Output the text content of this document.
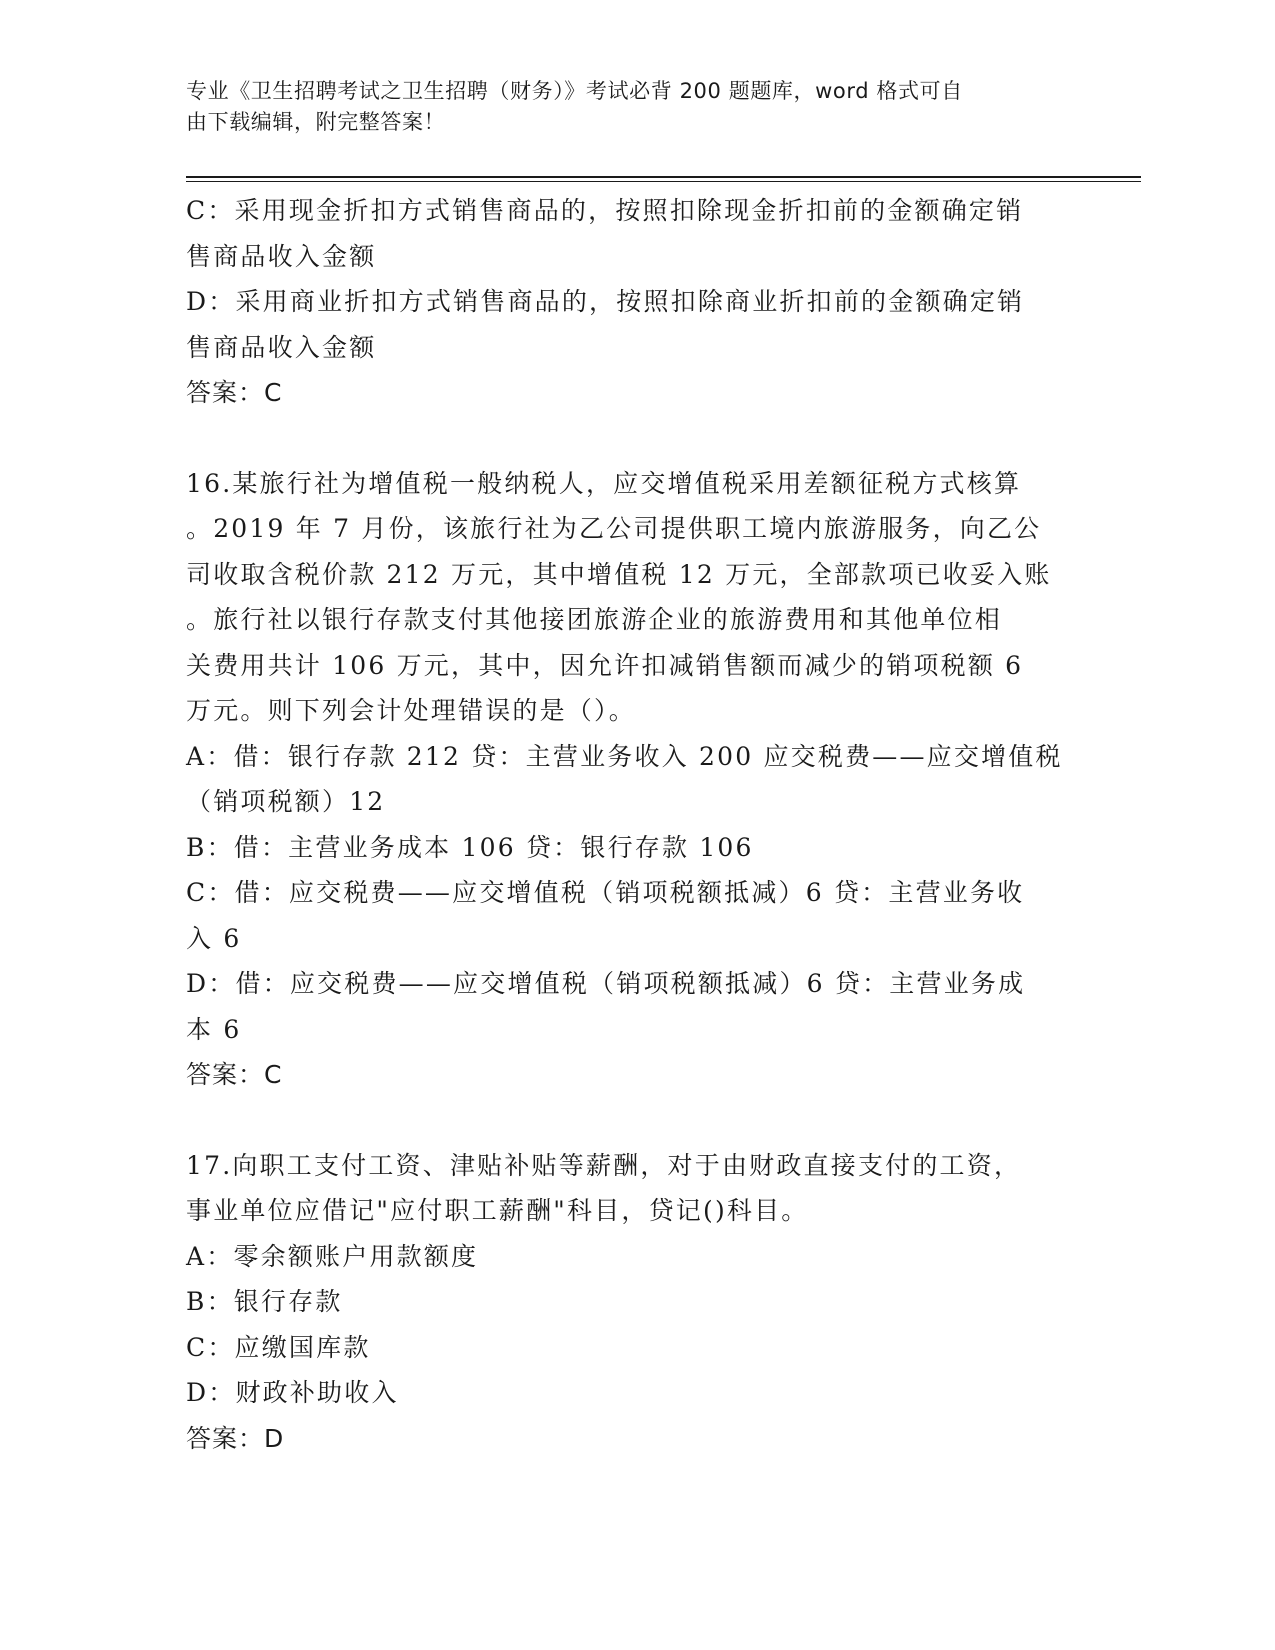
专业《卫生招聘考试之卫生招聘（财务）》考试必背 200 题题库，word 格式可自
由下载编辑，附完整答案！
C：采用现金折扣方式销售商品的，按照扣除现金折扣前的金额确定销
售商品收入金额
D：采用商业折扣方式销售商品的，按照扣除商业折扣前的金额确定销
售商品收入金额
答案：C
16.某旅行社为增值税一般纳税人，应交增值税采用差额征税方式核算
。2019 年 7 月份，该旅行社为乙公司提供职工境内旅游服务，向乙公
司收取含税价款 212 万元，其中增值税 12 万元，全部款项已收妥入账
。旅行社以银行存款支付其他接团旅游企业的旅游费用和其他单位相
关费用共计 106 万元，其中，因允许扣减销售额而减少的销项税额 6
万元。则下列会计处理错误的是（）。
A：借：银行存款 212 贷：主营业务收入 200 应交税费——应交增值税
（销项税额）12
B：借：主营业务成本 106 贷：银行存款 106
C：借：应交税费——应交增值税（销项税额抵减）6 贷：主营业务收
入 6
D：借：应交税费——应交增值税（销项税额抵减）6 贷：主营业务成
本 6
答案：C
17.向职工支付工资、津贴补贴等薪酬，对于由财政直接支付的工资，
事业单位应借记"应付职工薪酬"科目，贷记()科目。
A：零余额账户用款额度
B：银行存款
C：应缴国库款
D：财政补助收入
答案：D
